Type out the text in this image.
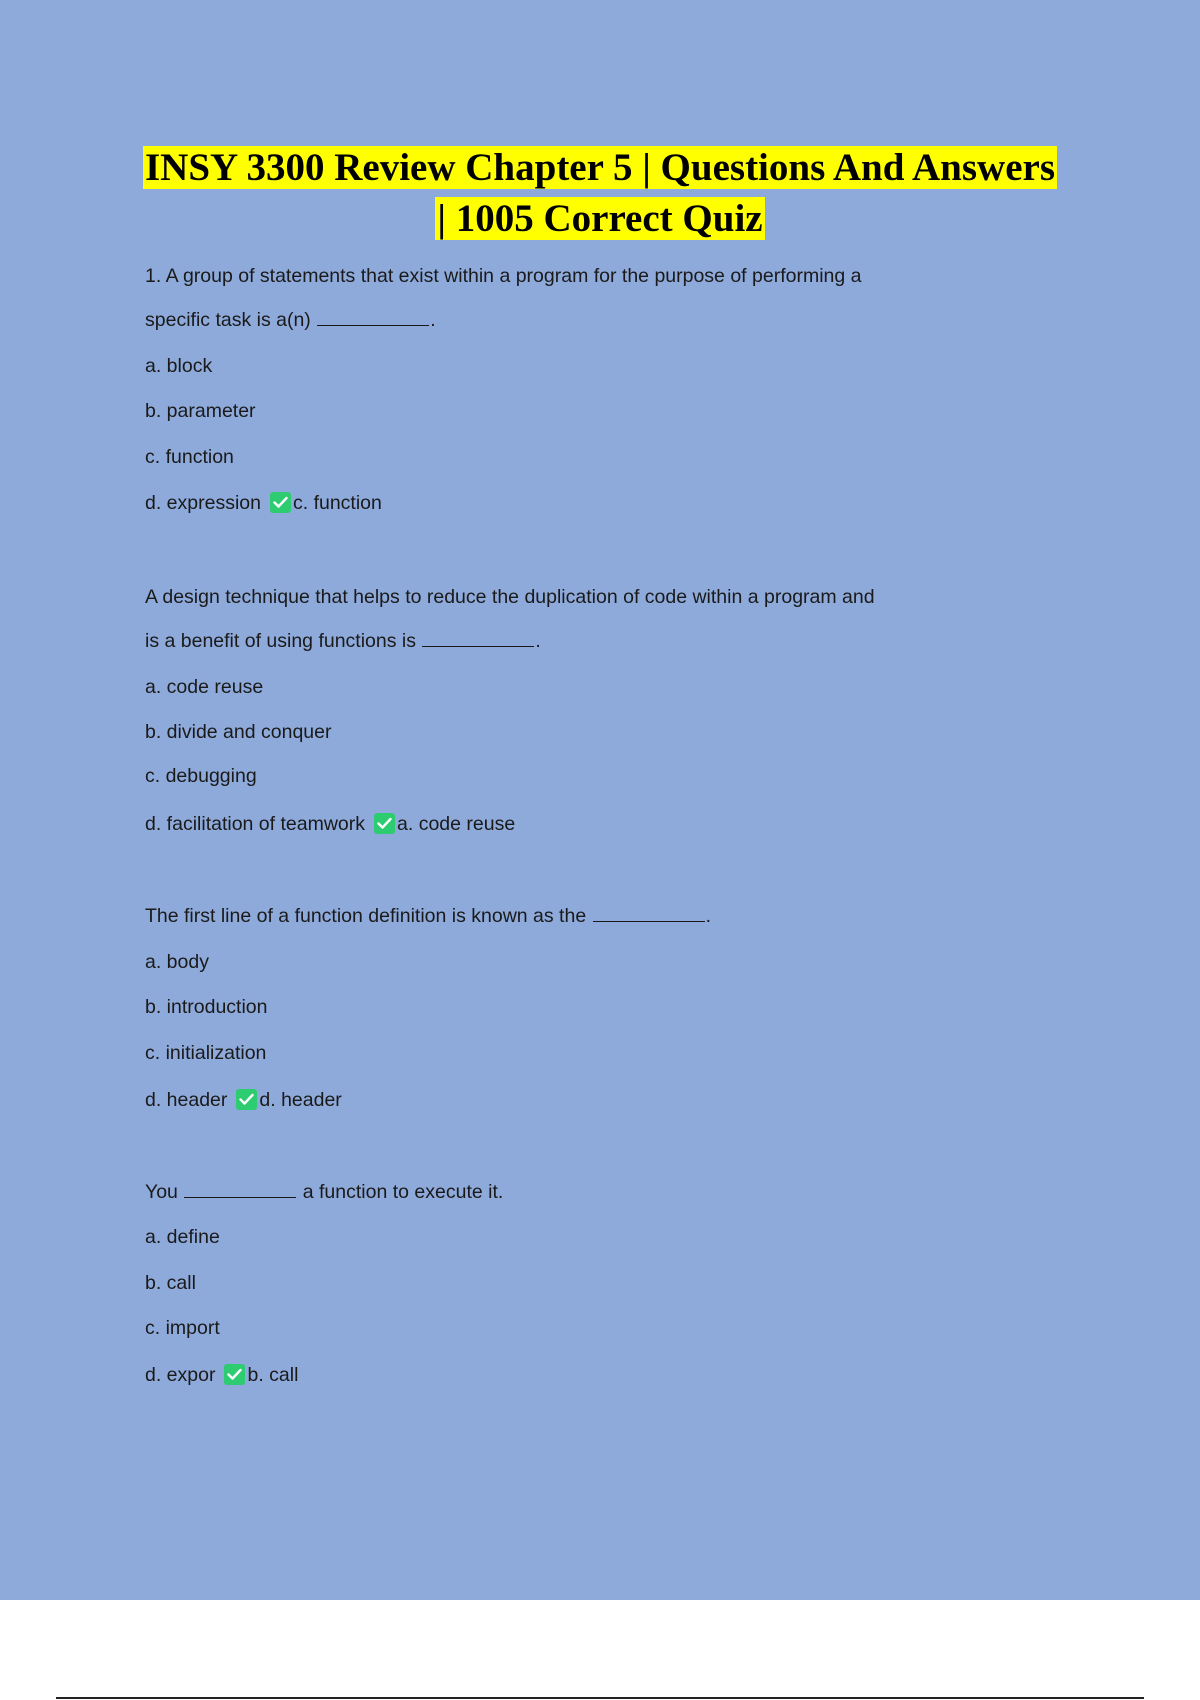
INSY 3300 Review Chapter 5 | Questions And Answers
| 1005 Correct Quiz
1. A group of statements that exist within a program for the purpose of performing a
specific task is a(n)	.
a. block
b. parameter
c. function
d. expression c. function
A design technique that helps to reduce the duplication of code within a program and
is a benefit of using functions is	.
a. code reuse
b. divide and conquer
c. debugging
d. facilitation of teamwork a. code reuse
The first line of a function definition is known as the	.
a. body
b. introduction
c. initialization
d. header d. header
You	a function to execute it.
a. define
b. call
c. import
d. expor b. call
